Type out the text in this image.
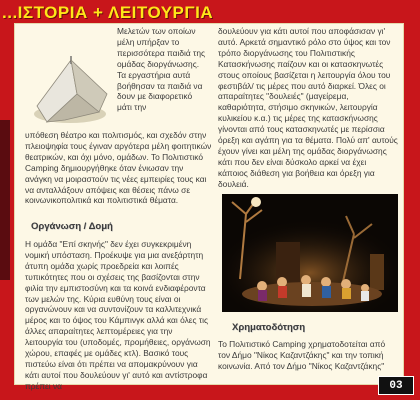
...ΙΣΤΟΡΙΑ + ΛΕΙΤΟΥΡΓΙΑ

Μελετών των οποίων μέλη υπήρξαν το περισσότερα παιδιά της ομάδας διοργάνωσης. Τα εργαστήρια αυτά βοήθησαν τα παιδιά να δουν με διαφορετικό μάτι την

υπόθεση θέατρο και πολιτισμός, και σχεδόν στην πλειοψηφία τους έγιναν αργότερα μέλη φοιτητικών θεατρικών, και όχι μόνο, ομάδων. Το Πολιτιστικό Camping δημιουργήθηκε όταν ένιωσαν την ανάγκη να μοιραστούν τις νέες εμπειρίες τους και να ανταλλάξουν απόψεις και θέσεις πάνω σε κοινωνικοπολιτικά και πολιτιστικά θέματα.

Οργάνωση / Δομή

Η ομάδα "Επί σκηνής" δεν έχει συγκεκριμένη νομική υπόσταση. Προέκυψε για μια ανεξάρτητη άτυπη ομάδα χωρίς προεδρεία και λοιπές τυπικότητες που οι σχέσεις της βασίζονται στην φιλία την εμπιστοσύνη και τα κοινά ενδιαφέροντα των μελών της. Κύρια ευθύνη τους είναι οι οργανώνουν και να συντονίζουν τα καλλιτεχνικά μέρος και το όψος του Κάμπινγκ αλλά και όλες τις άλλες απαραίτητες λεπτομέρειες για την λειτουργία του (υποδομές, προμήθειες, οργάνωση χώρου, επαφές με ομάδες κτλ). Βασικό τους πιστεύω είναι ότι πρέπει να απομακρύνουν για κάτι αυτοί που δουλεύουν γι' αυτό και αντίστροφα πρέπει να

δουλεύουν για κάτι αυτοί που αποφάσισαν γι' αυτό. Αρκετά σημαντικό ρόλο στο ύψος και τον τρόπο διοργάνωσης του Πολιτιστικής Κατασκήνωσης παίζουν και οι κατασκηνωτές στους οποίους βασίζεται η λειτουργία όλου του φεστιβάλ/ τις μέρες που αυτό διαρκεί. Όλες οι απαραίτητες "δουλειές" (μαγείρεμα, καθαριότητα, στήσιμο σκηνικών, λειτουργία κυλικείου κ.α.) τις μέρες της κατασκήνωσης γίνονται από τους κατασκηνωτές με περίσσια όρεξη και αγάπη για τα θέματα. Πολύ απ' αυτούς έχουν γίνει και μέλη της ομάδας διοργάνωσης κάτι που δεν είναι δύσκολο αρκεί να έχει κάποιος διάθεση για βοήθεια και όρεξη για δουλειά.

Χρηματοδότηση

Το Πολιτιστικό Camping χρηματοδοτείται από τον Δήμο "Νίκος Καζαντζάκης" και την τοπική κοινωνία. Από τον Δήμο "Νίκος Καζαντζάκης"

03
